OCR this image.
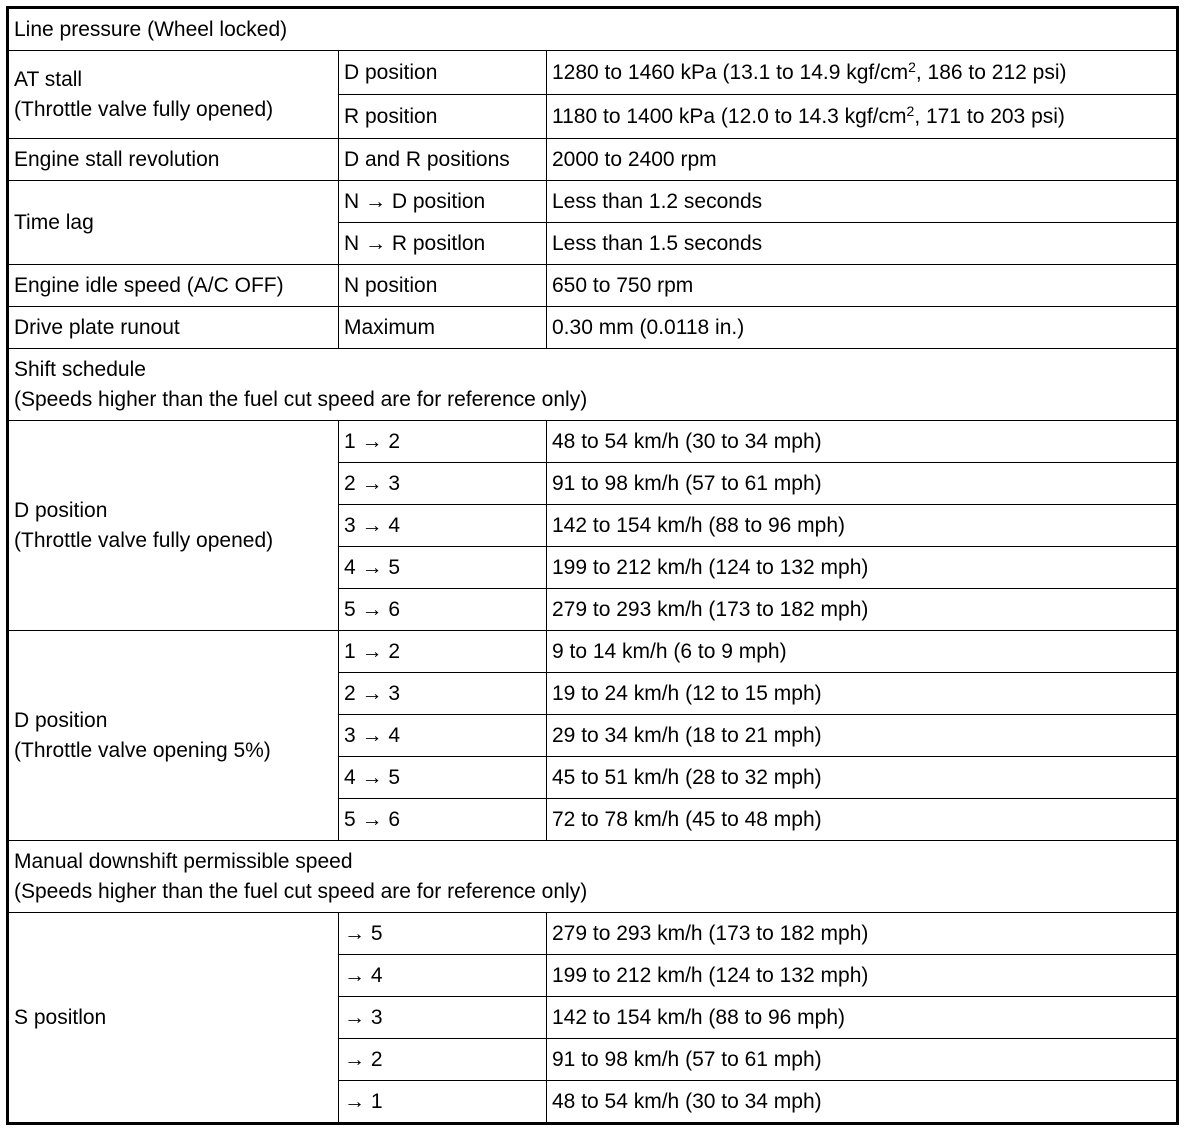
Line pressure (Wheel locked)		

AT stall
(Throttle valve fully opened)	D position	1280 to 1460 kPa (13.1 to 14.9 kgf/$cm^2$, 186 to 212 psi)
	R position	1180 to 1400 kPa (12.0 to 14.3 kgf/$cm^2$, 171 to 203 psi)
Engine stall revolution	D and R positions	2000 to 2400 rpm
Time lag	N → D position	Less than 1.2 seconds
	N → R positlon	Less than 1.5 seconds
Engine idle speed (A/C OFF)	N position	650 to 750 rpm
Drive plate runout	Maximum	0.30 mm (0.0118 in.)

Shift schedule
(Speeds higher than the fuel cut speed are for reference only)		

D position
(Throttle valve fully opened)	1 → 2	48 to 54 km/h (30 to 34 mph)
	2 → 3	91 to 98 km/h (57 to 61 mph)
	3 → 4	142 to 154 km/h (88 to 96 mph)
	4 → 5	199 to 212 km/h (124 to 132 mph)
	5 → 6	279 to 293 km/h (173 to 182 mph)

D position
(Throttle valve opening 5%)	1 → 2	9 to 14 km/h (6 to 9 mph)
	2 → 3	19 to 24 km/h (12 to 15 mph)
	3 → 4	29 to 34 km/h (18 to 21 mph)
	4 → 5	45 to 51 km/h (28 to 32 mph)
	5 → 6	72 to 78 km/h (45 to 48 mph)

Manual downshift permissible speed
(Speeds higher than the fuel cut speed are for reference only)		

S positlon	→ 5	279 to 293 km/h (173 to 182 mph)
	→ 4	199 to 212 km/h (124 to 132 mph)
	→ 3	142 to 154 km/h (88 to 96 mph)
	→ 2	91 to 98 km/h (57 to 61 mph)
	→ 1	48 to 54 km/h (30 to 34 mph)
